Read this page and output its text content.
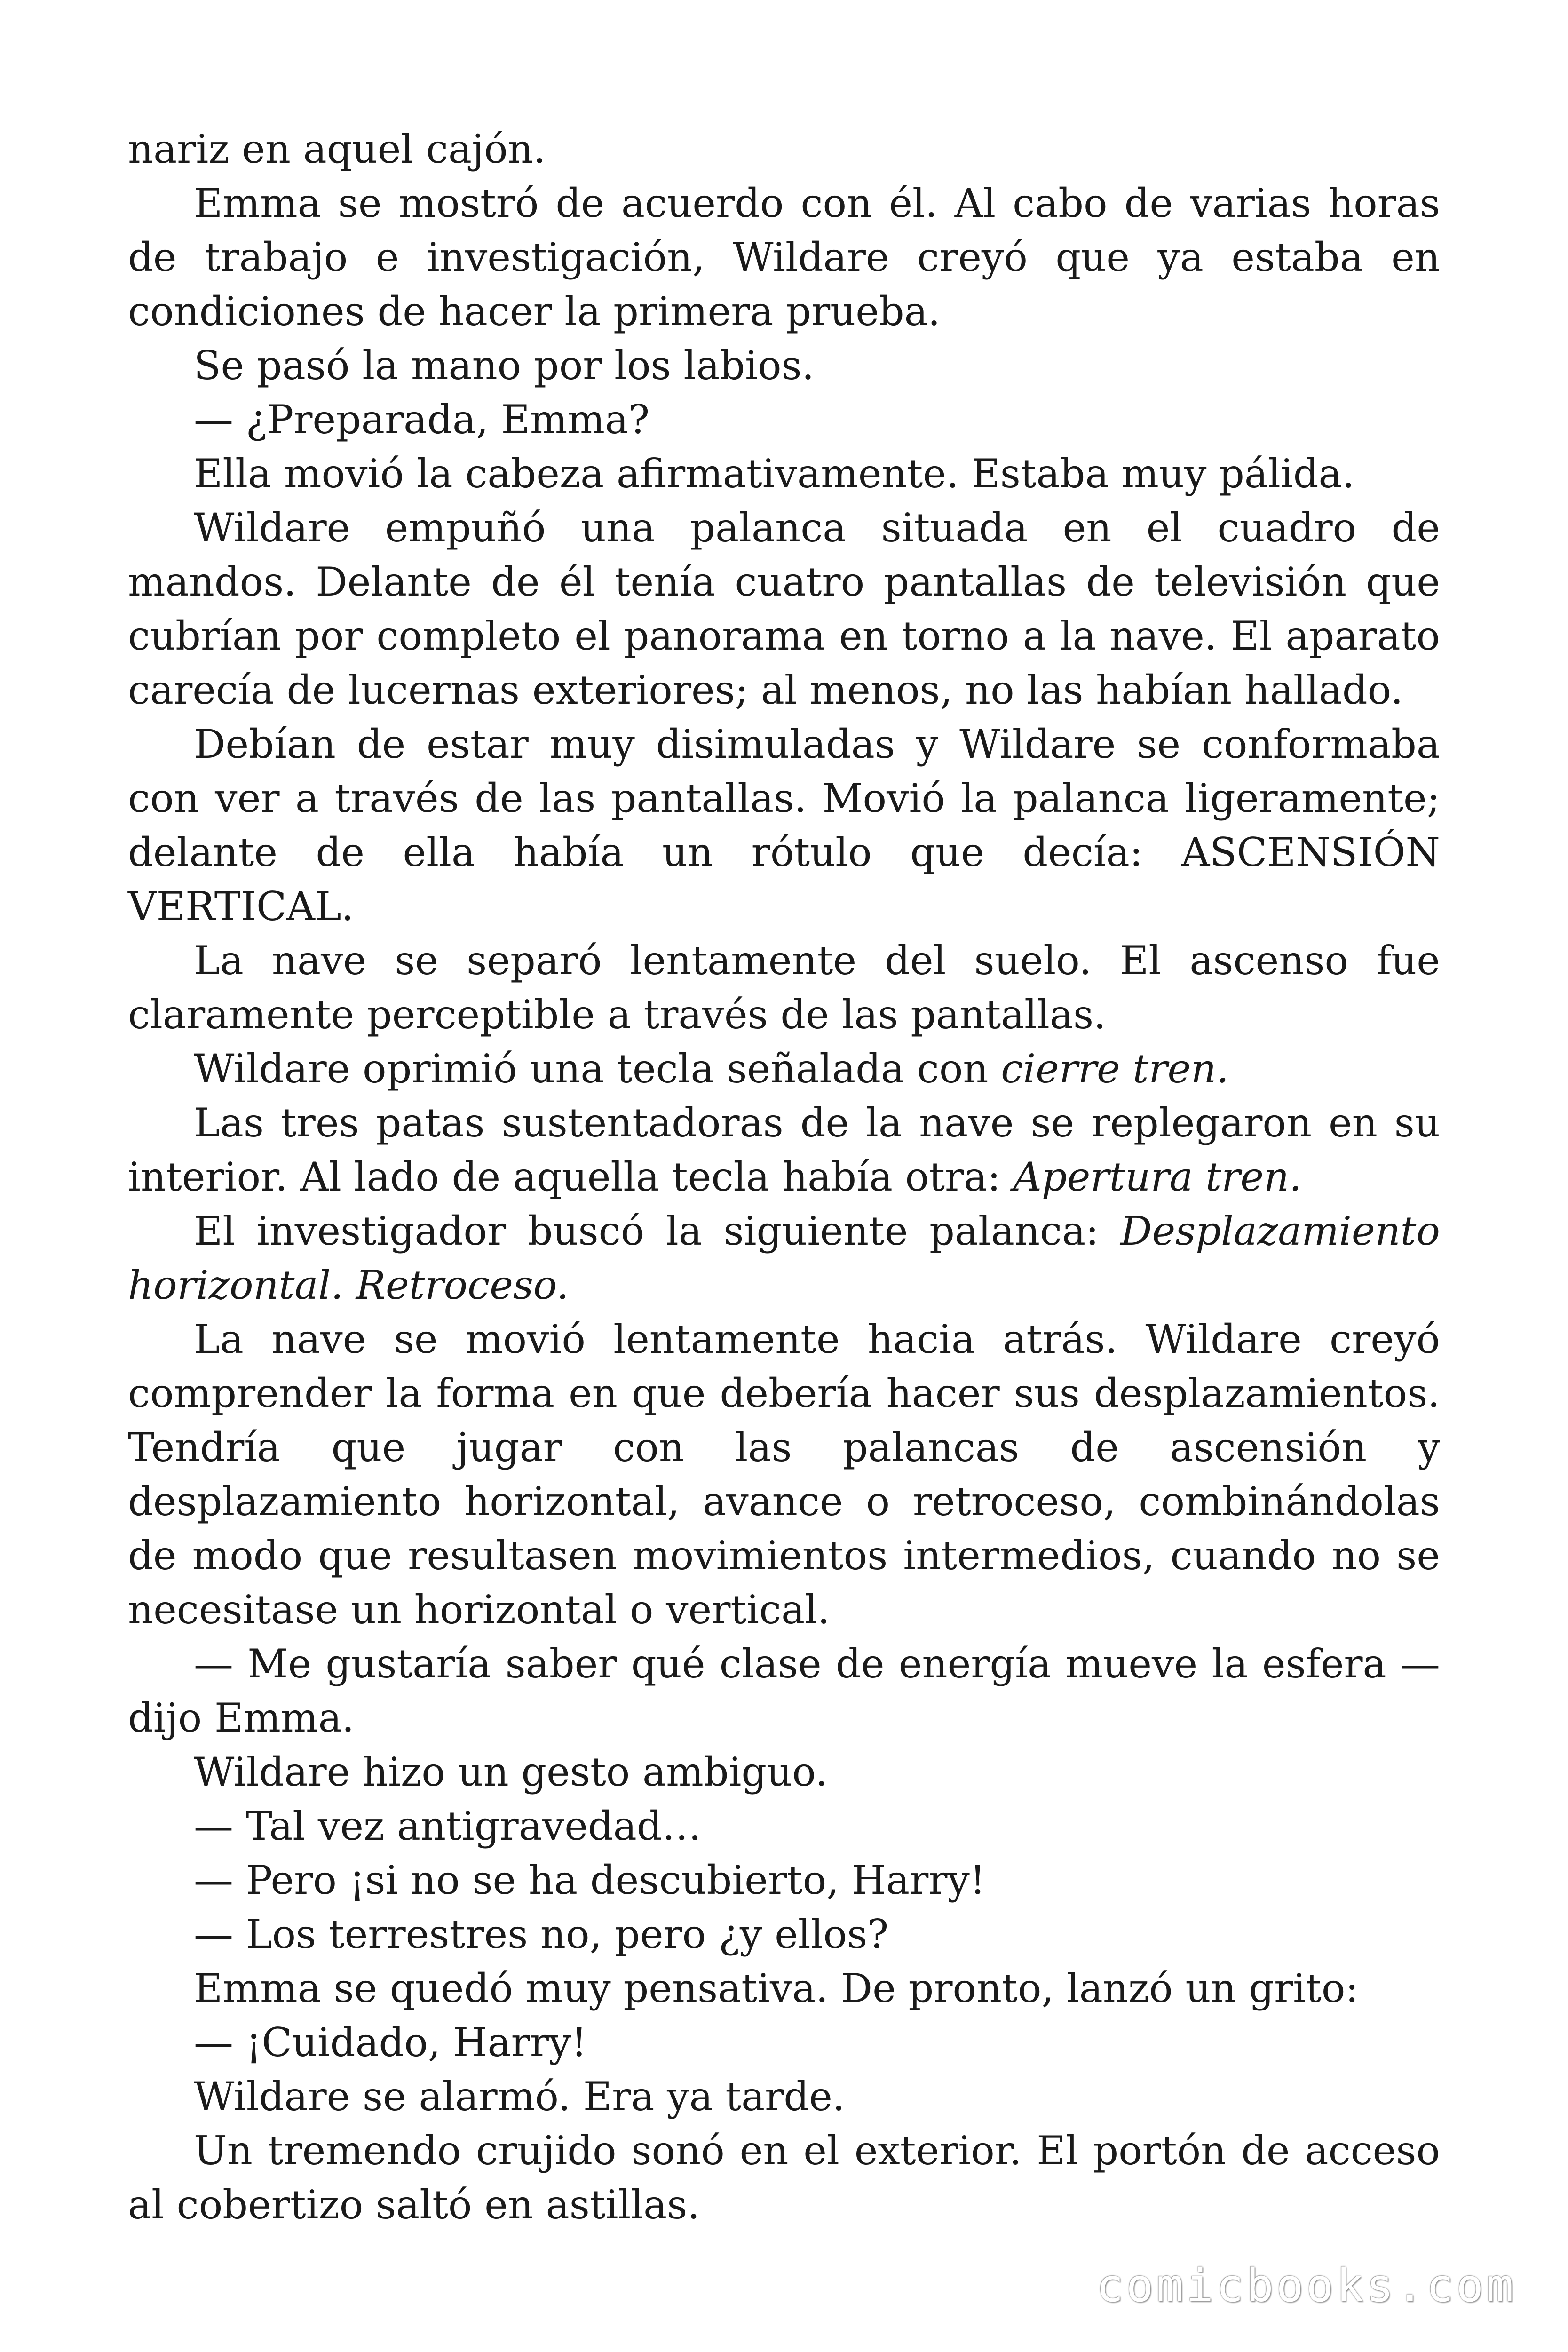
nariz en aquel cajón.

Emma se mostró de acuerdo con él. Al cabo de varias horas de trabajo e investigación, Wildare creyó que ya estaba en condiciones de hacer la primera prueba.

Se pasó la mano por los labios.

— ¿Preparada, Emma?

Ella movió la cabeza afirmativamente. Estaba muy pálida.

Wildare empuñó una palanca situada en el cuadro de mandos. Delante de él tenía cuatro pantallas de televisión que cubrían por completo el panorama en torno a la nave. El aparato carecía de lucernas exteriores; al menos, no las habían hallado.

Debían de estar muy disimuladas y Wildare se conformaba con ver a través de las pantallas. Movió la palanca ligeramente; delante de ella había un rótulo que decía: ASCENSIÓN VERTICAL.

La nave se separó lentamente del suelo. El ascenso fue claramente perceptible a través de las pantallas.

Wildare oprimió una tecla señalada con cierre tren.

Las tres patas sustentadoras de la nave se replegaron en su interior. Al lado de aquella tecla había otra: Apertura tren.

El investigador buscó la siguiente palanca: Desplazamiento horizontal. Retroceso.

La nave se movió lentamente hacia atrás. Wildare creyó comprender la forma en que debería hacer sus desplazamientos. Tendría que jugar con las palancas de ascensión y desplazamiento horizontal, avance o retroceso, combinándolas de modo que resultasen movimientos intermedios, cuando no se necesitase un horizontal o vertical.

— Me gustaría saber qué clase de energía mueve la esfera —dijo Emma.

Wildare hizo un gesto ambiguo.

— Tal vez antigravedad…

— Pero ¡si no se ha descubierto, Harry!

— Los terrestres no, pero ¿y ellos?

Emma se quedó muy pensativa. De pronto, lanzó un grito:

— ¡Cuidado, Harry!

Wildare se alarmó. Era ya tarde.

Un tremendo crujido sonó en el exterior. El portón de acceso al cobertizo saltó en astillas.

comicbooks.com
